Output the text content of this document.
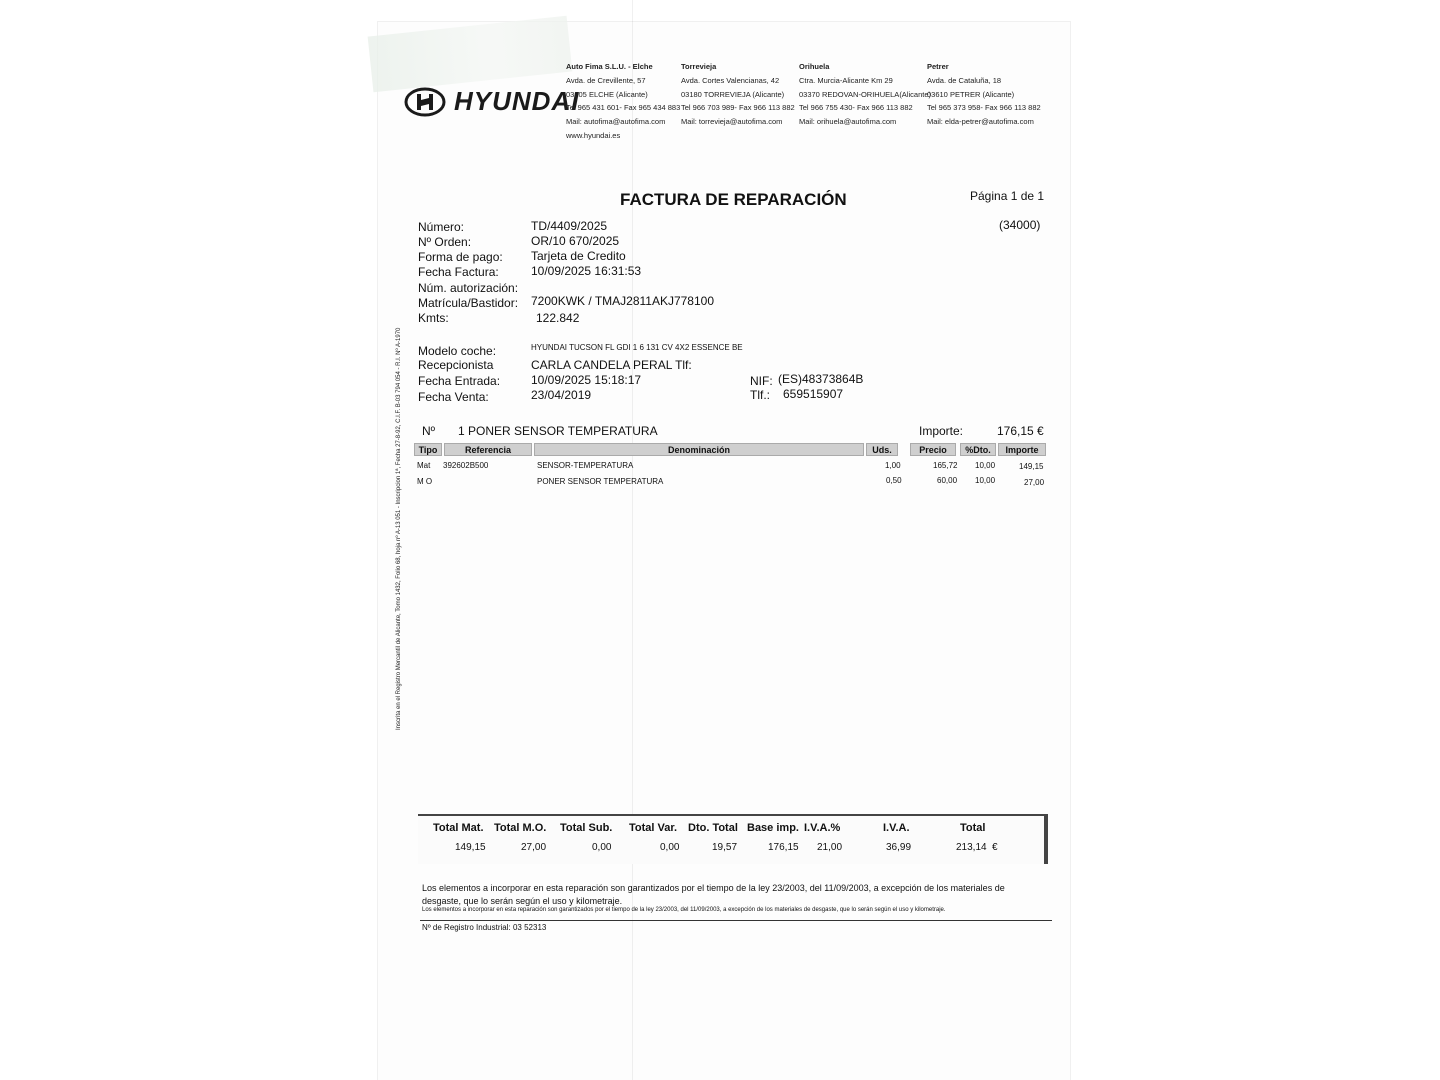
HYUNDAI
Auto Fima S.L.U. - Elche
Avda. de Crevillente, 57
03205 ELCHE (Alicante)
Tel 965 431 601- Fax 965 434 883
Mail: autofima@autofima.com
www.hyundai.es
Torrevieja
Avda. Cortes Valencianas, 42
03180 TORREVIEJA (Alicante)
Tel 966 703 989- Fax 966 113 882
Mail: torrevieja@autofima.com
Orihuela
Ctra. Murcia-Alicante Km 29
03370 REDOVAN-ORIHUELA(Alicante)
Tel 966 755 430- Fax 966 113 882
Mail: orihuela@autofima.com
Petrer
Avda. de Cataluña, 18
03610 PETRER (Alicante)
Tel 965 373 958- Fax 966 113 882
Mail: elda-petrer@autofima.com
FACTURA DE REPARACIÓN	Página 1 de 1
(34000)
Número:	TD/4409/2025
Nº Orden:	OR/10 670/2025
Forma de pago: Tarjeta de Credito
Fecha Factura:	10/09/2025 16:31:53
Núm. autorización:
Matrícula/Bastidor: 7200KWK / TMAJ2811AKJ778100
Kmts:	122.842
Modelo coche:	HYUNDAI TUCSON FL GDI 1 6 131 CV 4X2 ESSENCE BE
Recepcionista	CARLA CANDELA PERAL Tlf:
Fecha Entrada:	10/09/2025 15:18:17
Fecha Venta:	23/04/2019
NIF: (ES)48373864B
Tlf.: 659515907
Inscrita en el Registro Mercantil de Alicante, Tomo 1432, Folio 68, hoja nº A-13 051 - Inscripcion 1ª, Fecha 27-8-92, C.I.F. B-03 794 054 - R.I. Nº A-1970 Nº 1 PONER SENSOR TEMPERATURA	Importe:	176,15 €
Tipo	Referencia	Denominación	Uds.	Precio	%Dto.	Importe
Mat 392602B500	SENSOR-TEMPERATURA	1,00	165,72 10,00	149,15
M O	PONER SENSOR TEMPERATURA	0,50	60,00 10,00	27,00
Total Mat. Total M.O. Total Sub. Total Var. Dto. Total Base imp. I.V.A.%	I.V.A.	Total
149,15	27,00	0,00	0,00	19,57	176,15 21,00	36,99	213,14 €
Los elementos a incorporar en esta reparación son garantizados por el tiempo de la ley 23/2003, del 11/09/2003, a excepción de los materiales de desgaste, que lo serán según el uso y kilometraje.
Los elementos a incorporar en esta reparación son garantizados por el tiempo de la ley 23/2003, del 11/09/2003, a excepción de los materiales de desgaste, que lo serán según el uso y kilometraje.
Nº de Registro Industrial: 03 52313
